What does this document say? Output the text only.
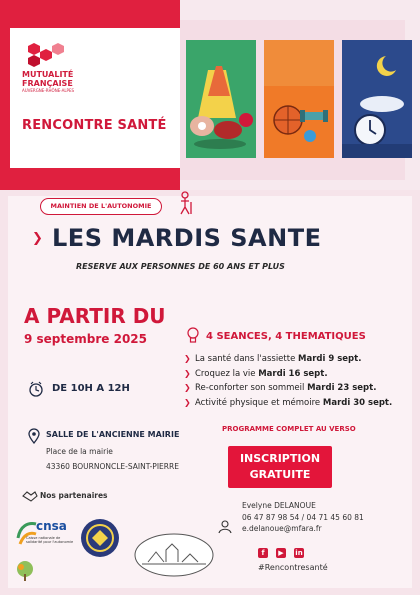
MUTUALITÉ
FRANÇAISE
AUVERGNE-RHÔNE-ALPES
RENCONTRE SANTÉ
MAINTIEN DE L'AUTONOMIE
❯ LES MARDIS SANTE
RESERVE AUX PERSONNES DE 60 ANS ET PLUS
A PARTIR DU
9 septembre 2025	4 SEANCES, 4 THEMATIQUES
❯ La santé dans l'assiette Mardi 9 sept.
❯ Croquez la vie Mardi 16 sept.
❯ Re-conforter son sommeil Mardi 23 sept.
❯ Activité physique et mémoire Mardi 30 sept.
PROGRAMME COMPLET AU VERSO
DE 10H A 12H
SALLE DE L'ANCIENNE MAIRIE
Place de la mairie
43360 BOURNONCLE-SAINT-PIERRE
INSCRIPTION
GRATUITE
Nos partenaires
cnsa
Caisse nationale de solidarité pour l'autonomie
Evelyne DELANOUE
06 47 87 98 54 / 04 71 45 60 81
e.delanoue@mfara.fr
f	▶	in
#Rencontresanté
